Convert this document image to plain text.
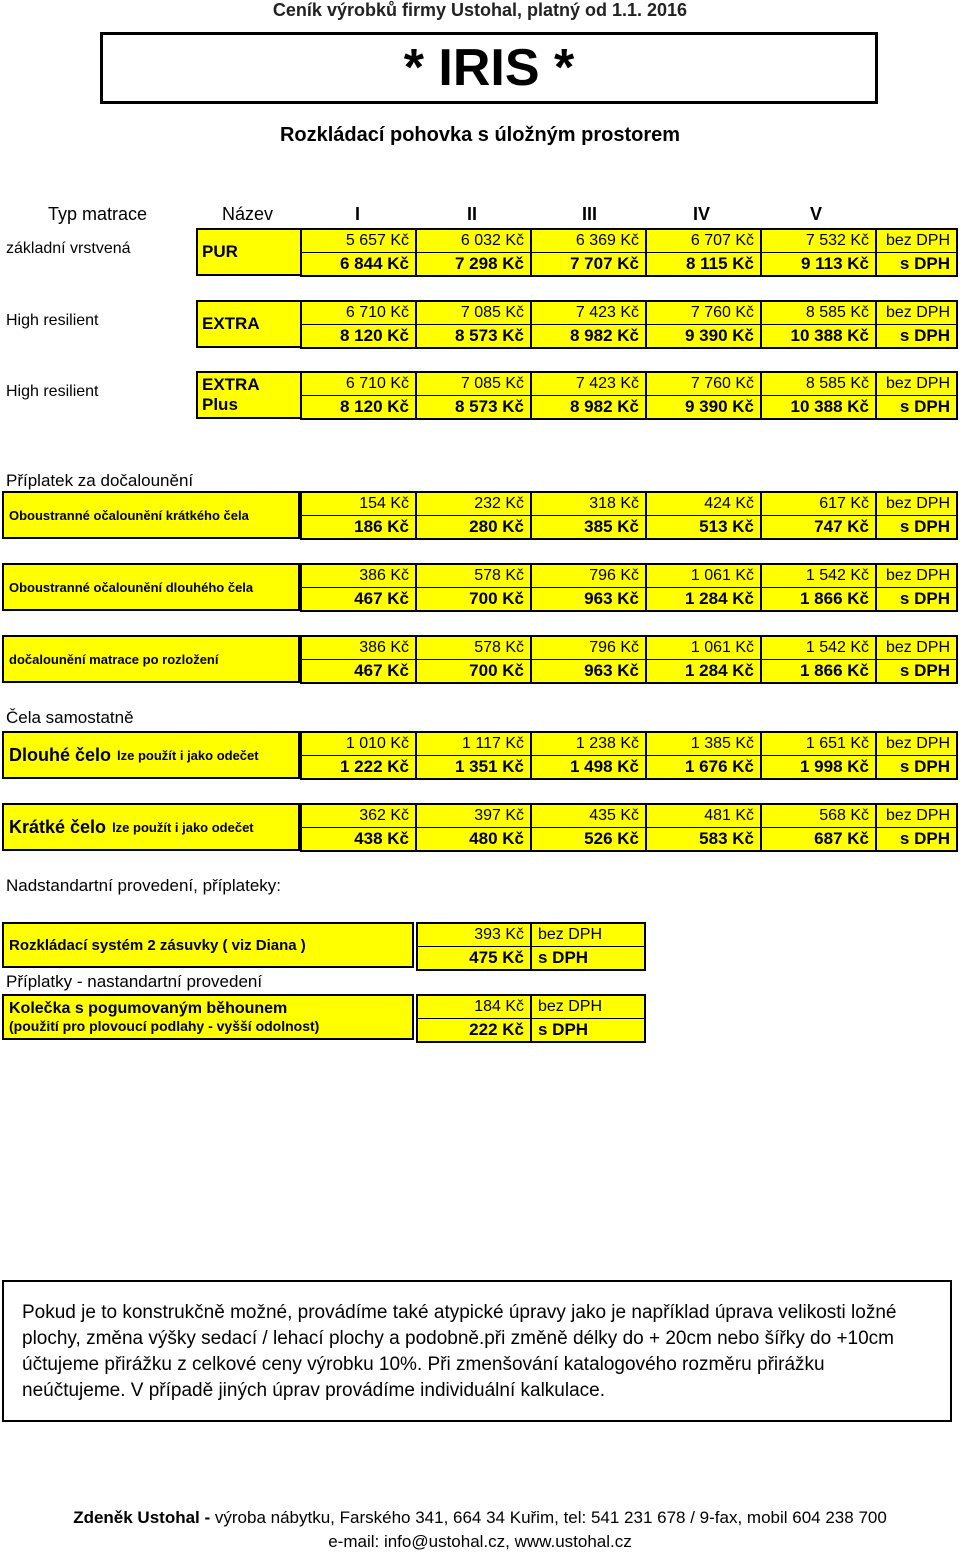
Ceník výrobků firmy Ustohal, platný od 1.1. 2016
* IRIS *
Rozkládací pohovka s úložným prostorem
Typ matrace	Název	I	II	III	IV	V
základní vrstvená	PUR
5 657 Kč	6 032 Kč	6 369 Kč	6 707 Kč	7 532 Kč	bez DPH
6 844 Kč	7 298 Kč	7 707 Kč	8 115 Kč	9 113 Kč	s DPH
High resilient	EXTRA
6 710 Kč	7 085 Kč	7 423 Kč	7 760 Kč	8 585 Kč	bez DPH
8 120 Kč	8 573 Kč	8 982 Kč	9 390 Kč	10 388 Kč	s DPH
High resilient	EXTRA Plus
6 710 Kč	7 085 Kč	7 423 Kč	7 760 Kč	8 585 Kč	bez DPH
8 120 Kč	8 573 Kč	8 982 Kč	9 390 Kč	10 388 Kč	s DPH
Oboustranné očalounění krátkého čela
154 Kč	232 Kč	318 Kč	424 Kč	617 Kč	bez DPH
186 Kč	280 Kč	385 Kč	513 Kč	747 Kč	s DPH
Oboustranné očalounění dlouhého čela
386 Kč	578 Kč	796 Kč	1 061 Kč	1 542 Kč	bez DPH
467 Kč	700 Kč	963 Kč	1 284 Kč	1 866 Kč	s DPH
dočalounění matrace po rozložení
386 Kč	578 Kč	796 Kč	1 061 Kč	1 542 Kč	bez DPH
467 Kč	700 Kč	963 Kč	1 284 Kč	1 866 Kč	s DPH
Dlouhé čelo lze použít i jako odečet
1 010 Kč	1 117 Kč	1 238 Kč	1 385 Kč	1 651 Kč	bez DPH
1 222 Kč	1 351 Kč	1 498 Kč	1 676 Kč	1 998 Kč	s DPH
Krátké čelo lze použít i jako odečet
362 Kč	397 Kč	435 Kč	481 Kč	568 Kč	bez DPH
438 Kč	480 Kč	526 Kč	583 Kč	687 Kč	s DPH
Příplatek za dočalounění
Čela samostatně
Nadstandartní provedení, příplateky:
Rozkládací systém 2 zásuvky ( viz Diana )
393 Kč	bez DPH
475 Kč	s DPH
Příplatky - nastandartní provedení
Kolečka s pogumovaným běhounem
(použití pro plovoucí podlahy - vyšší odolnost)
184 Kč	bez DPH
222 Kč	s DPH
Pokud je to konstrukčně možné, provádíme také atypické úpravy jako je například úprava velikosti ložné plochy, změna výšky sedací / lehací plochy a podobně.při změně délky do + 20cm nebo šířky do +10cm účtujeme přirážku z celkové ceny výrobku 10%. Při zmenšování katalogového rozměru přirážku neúčtujeme. V případě jiných úprav provádíme individuální kalkulace.
Zdeněk Ustohal - výroba nábytku, Farského 341, 664 34 Kuřim, tel: 541 231 678 / 9-fax, mobil 604 238 700
e-mail: info@ustohal.cz, www.ustohal.cz
